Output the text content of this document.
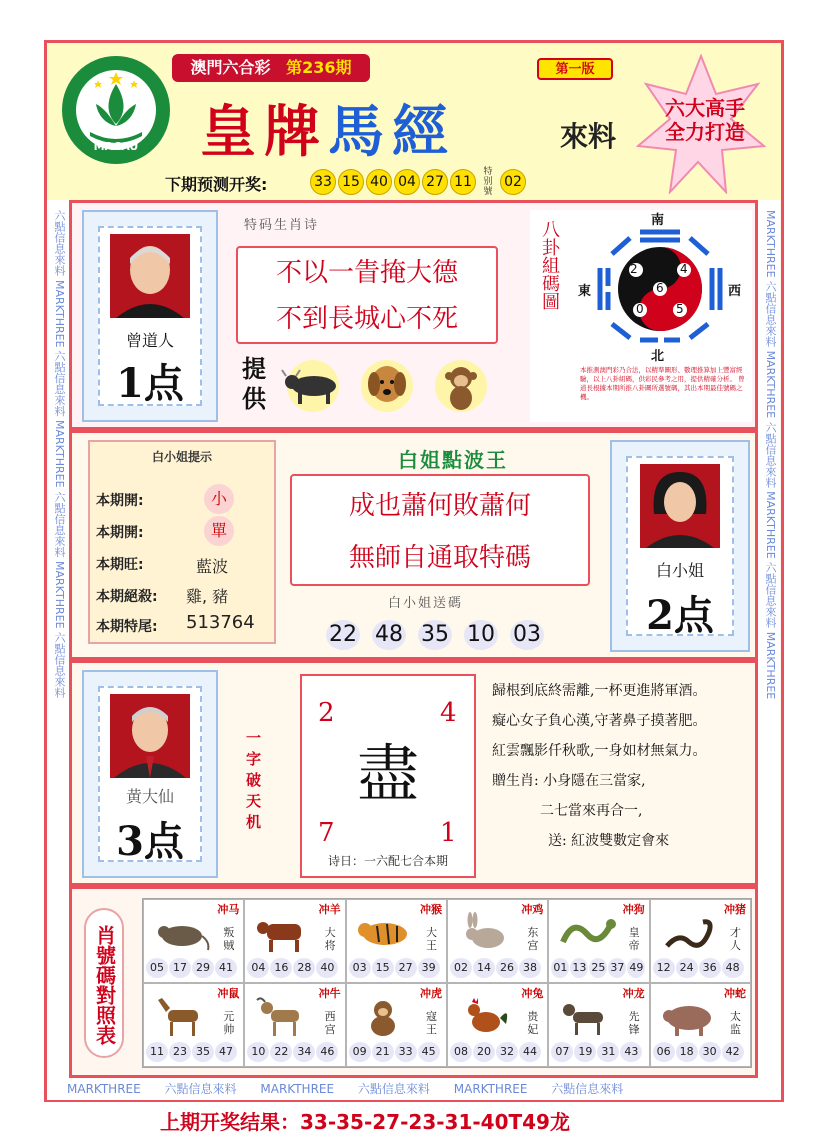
MACAU
澳門六合彩 第236期	第一版
皇牌馬經	來料
六大高手
全力打造
下期预测开奖:	33 15 40 04 27 11
特别號
02
六點信息來料 MARKTHREE 六點信息來料 MARKTHREE 六點信息來料 MARKTHREE 六點信息來料
MARKTHREE 六點信息來料 MARKTHREE 六點信息來料 MARKTHREE 六點信息來料 MARKTHREE
MARKTHREE 六點信息來料 MARKTHREE 六點信息來料 MARKTHREE 六點信息來料
曾道人
1点
特码生肖诗
不以一眚掩大德
不到長城心不死
提供
八卦組碼圖	南
北
東	西
2	4
6
0	5
本推測澳門彩乃合法，以精準圖形、數理推算加上豐富經驗，以上八卦組碼，供彩民參考之用，提供精確分析。 曾道長根據本期所推八卦圖所選號碼，其出本期最佳號碼之機。
白小姐提示
本期開:	小
本期開:	單
本期旺:	藍波
本期絕殺: 雞, 豬
本期特尾: 513764
白姐點波王
成也蕭何敗蕭何
無師自通取特碼
白小姐送碼
22 48 35 10 03
白小姐
2点
黄大仙
3点
一字破天机
2	4
7	1
盡
诗日：一六配七合本期
歸根到底終需離,一杯更進將軍酒。
癡心女子負心漢,守著鼻子摸著肥。
紅雲飄影仟秋歌,一身如材無氣力。
贈生肖: 小身隱在三當家,
二七當來再合一,
送: 紅波雙數定會來
肖號碼對照表
冲马
叛贼
05 17 29 41
冲羊
大将
04 16 28 40
冲猴
大王
03 15 27 39
冲鸡
东宫
02 14 26 38
冲狗
皇帝
01 13 25 37 49
冲猪
才人
12 24 36 48
冲鼠
元帅
11 23 35 47
冲牛
西宫
10 22 34 46
冲虎
寇王
09 21 33 45
冲兔
贵妃
08 20 32 44
冲龙
先锋
07 19 31 43
冲蛇
太监
06 18 30 42
上期开奖结果：33-35-27-23-31-40T49龙
